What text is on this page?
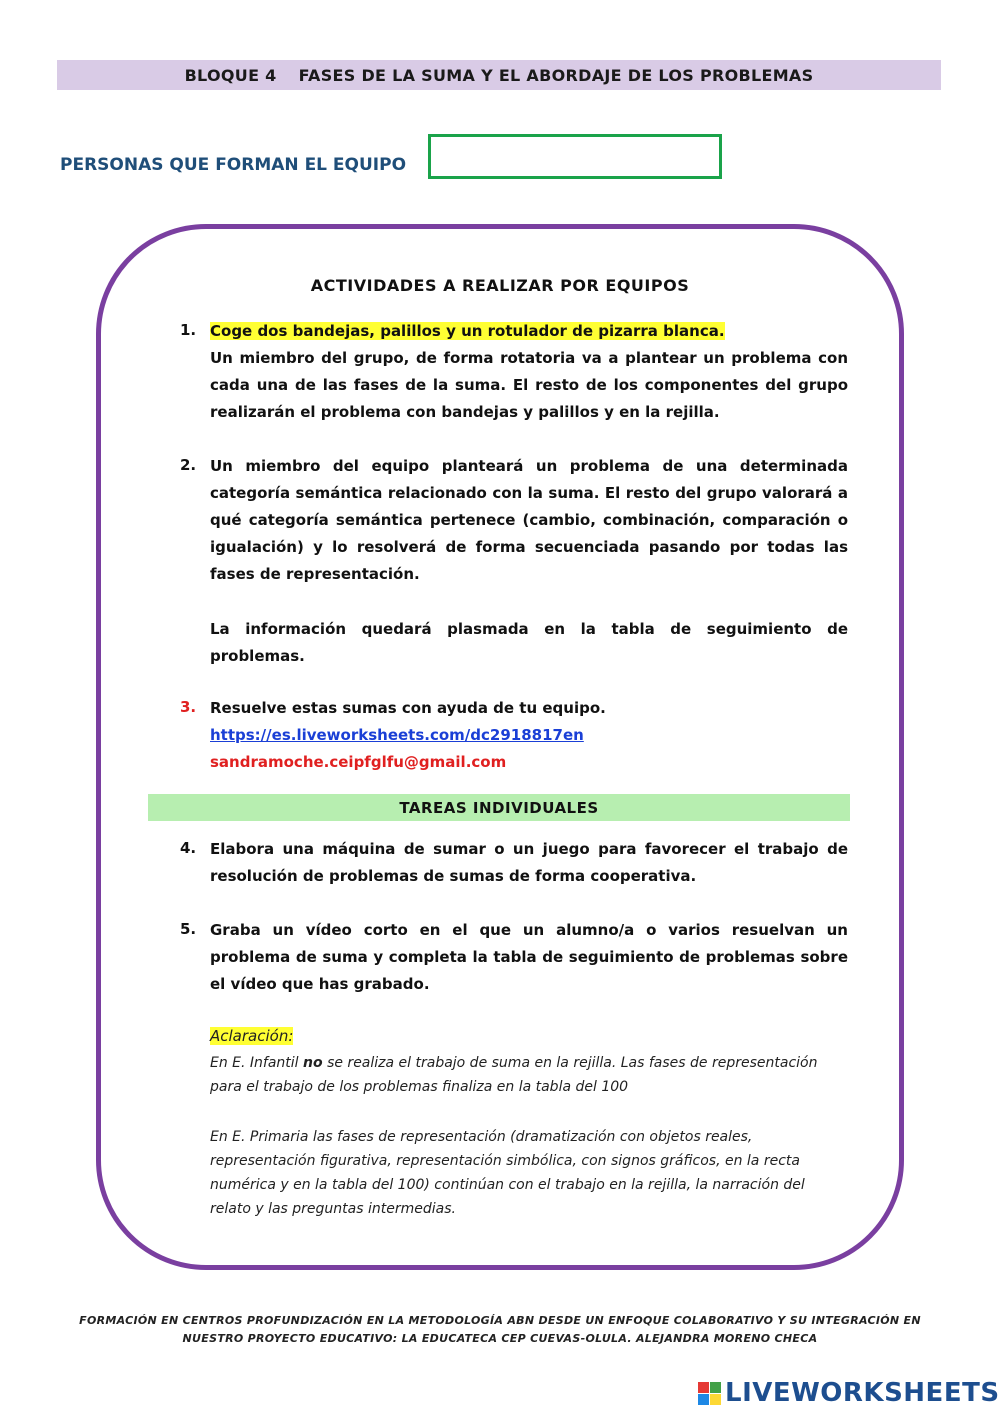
BLOQUE 4 FASES DE LA SUMA Y EL ABORDAJE DE LOS PROBLEMAS
PERSONAS QUE FORMAN EL EQUIPO
ACTIVIDADES A REALIZAR POR EQUIPOS
1. Coge dos bandejas, palillos y un rotulador de pizarra blanca.
Un miembro del grupo, de forma rotatoria va a plantear un problema con cada una de las fases de la suma. El resto de los componentes del grupo realizarán el problema con bandejas y palillos y en la rejilla.
2. Un miembro del equipo planteará un problema de una determinada categoría semántica relacionado con la suma. El resto del grupo valorará a qué categoría semántica pertenece (cambio, combinación, comparación o igualación) y lo resolverá de forma secuenciada pasando por todas las fases de representación.
La información quedará plasmada en la tabla de seguimiento de problemas.
3. Resuelve estas sumas con ayuda de tu equipo.
https://es.liveworksheets.com/dc2918817en
sandramoche.ceipfglfu@gmail.com
TAREAS INDIVIDUALES
4. Elabora una máquina de sumar o un juego para favorecer el trabajo de resolución de problemas de sumas de forma cooperativa.
5. Graba un vídeo corto en el que un alumno/a o varios resuelvan un problema de suma y completa la tabla de seguimiento de problemas sobre el vídeo que has grabado.
Aclaración:
En E. Infantil no se realiza el trabajo de suma en la rejilla. Las fases de representación para el trabajo de los problemas finaliza en la tabla del 100
En E. Primaria las fases de representación (dramatización con objetos reales, representación figurativa, representación simbólica, con signos gráficos, en la recta numérica y en la tabla del 100) continúan con el trabajo en la rejilla, la narración del relato y las preguntas intermedias.
FORMACIÓN EN CENTROS PROFUNDIZACIÓN EN LA METODOLOGÍA ABN DESDE UN ENFOQUE COLABORATIVO Y SU INTEGRACIÓN EN
NUESTRO PROYECTO EDUCATIVO: LA EDUCATECA CEP CUEVAS-OLULA. ALEJANDRA MORENO CHECA
LIVEWORKSHEETS
